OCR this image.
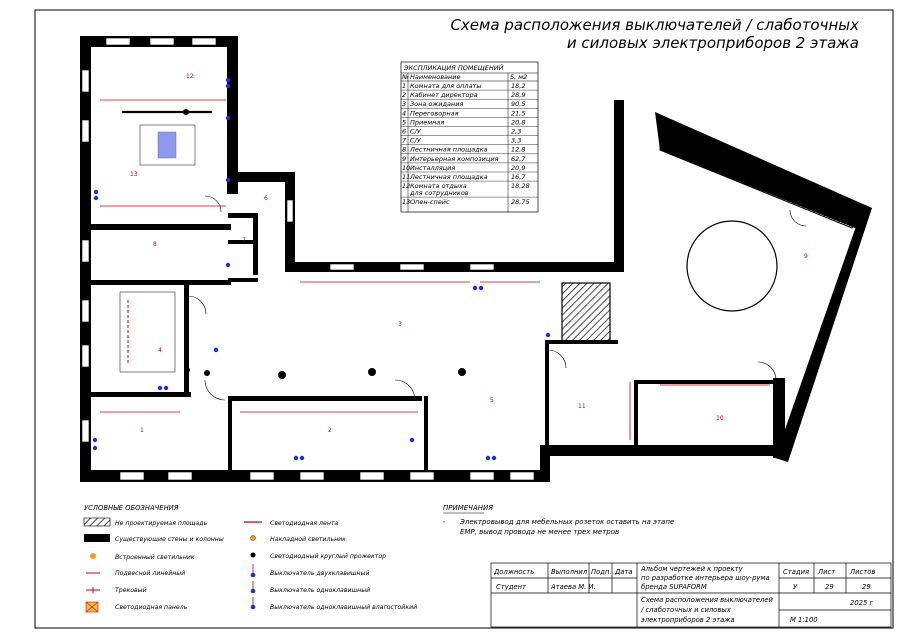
Схема расположения выключателей / слаботочных
и силовых электроприборов 2 этажа
1	2
3
4
5
6
7
8
9
10
11
12
13
ЭКСПЛИКАЦИЯ ПОМЕЩЕНИЙ
№ Наименование	S, м2
1 Комната для оплаты	18,2
2 Кабинет директора	28,9
3 Зона ожидания	90,5
4 Переговорная	21,5
5 Приемная	20,8
6 С/У	2,3
7 С/У	3,3
8 Лестничная площадка	12,8
9 Интерьерная композиция 62,7
10 Инсталляция	20,9
11 Лестничная площадка	16,7
12 Комната отдыха
для сотрудников
18,28
13 Опен-спейс	28,75
УСЛОВНЫЕ ОБОЗНАЧЕНИЯ
Не проектируемая площадь
Существующие стены и колонны
Встроенный светильник
Подвесной линейный
Трековый
Светодиодная панель
Светодиодная лента
Накладной светильник
Светодиодный круглый прожектор
Выключатель двухклавишный
Выключатель одноклавишный
Выключатель одноклавишный влагостойкий
ПРИМЕЧАНИЯ
- Электровывод для мебельных розеток оставить на этапе
ЕМР, вывод провода не менее трех метров
Должность Выполнил Подп. Дата
Студент	Атаева М. И.
Альбом чертежей к проекту
по разработке интерьера шоу-рума
бренда SUPAFORM
Стадия Лист Листов
У	29	29
Схема расположения выключателей
/ слаботочных и силовых
электроприборов 2 этажа
2025 г
М 1:100
